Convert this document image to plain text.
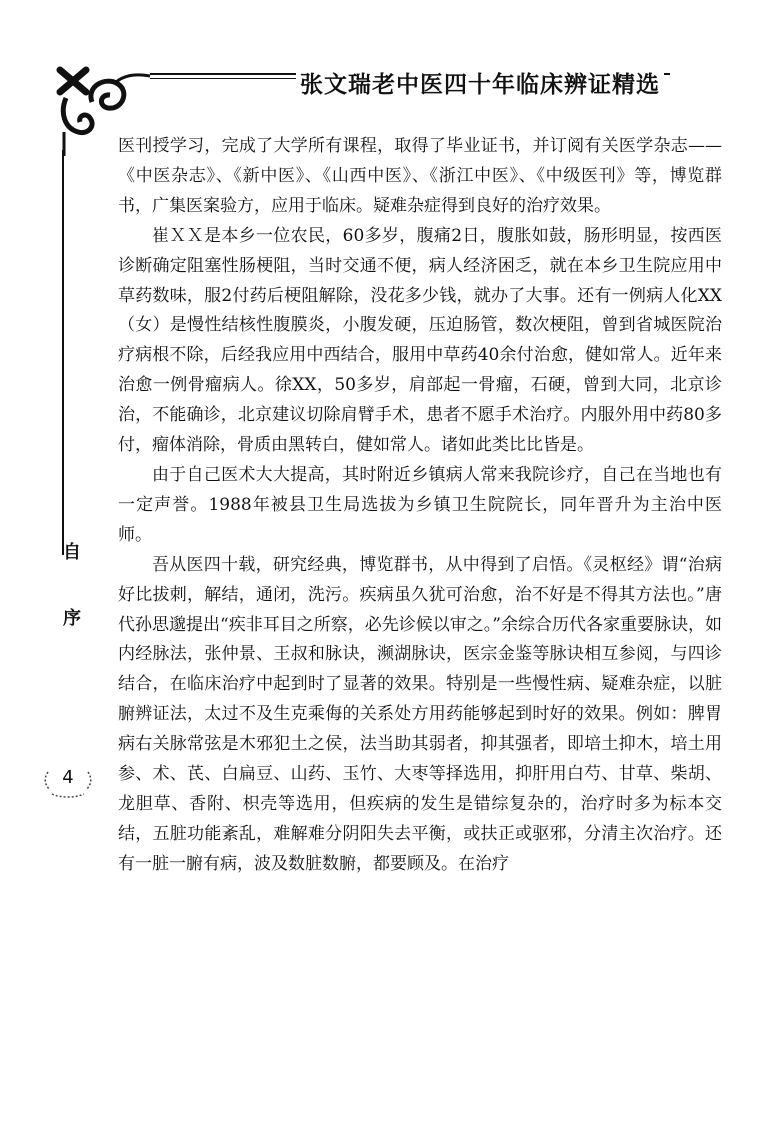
张文瑞老中医四十年临床辨证精选
自序
4

医刊授学习，完成了大学所有课程，取得了毕业证书，并订阅有关医学杂志——《中医杂志》、《新中医》、《山西中医》、《浙江中医》、《中级医刊》等，博览群书，广集医案验方，应用于临床。疑难杂症得到良好的治疗效果。

崔ＸＸ是本乡一位农民，60多岁，腹痛2日，腹胀如鼓，肠形明显，按西医诊断确定阻塞性肠梗阻，当时交通不便，病人经济困乏，就在本乡卫生院应用中草药数味，服2付药后梗阻解除，没花多少钱，就办了大事。还有一例病人化XX（女）是慢性结核性腹膜炎，小腹发硬，压迫肠管，数次梗阻，曾到省城医院治疗病根不除，后经我应用中西结合，服用中草药40余付治愈，健如常人。近年来治愈一例骨瘤病人。徐XX，50多岁，肩部起一骨瘤，石硬，曾到大同，北京诊治，不能确诊，北京建议切除肩臂手术，患者不愿手术治疗。内服外用中药80多付，瘤体消除，骨质由黑转白，健如常人。诸如此类比比皆是。

由于自己医术大大提高，其时附近乡镇病人常来我院诊疗，自己在当地也有一定声誉。1988年被县卫生局选拔为乡镇卫生院院长，同年晋升为主治中医师。

吾从医四十载，研究经典，博览群书，从中得到了启悟。《灵枢经》谓“治病好比拔刺，解结，通闭，洗污。疾病虽久犹可治愈，治不好是不得其方法也。”唐代孙思邈提出“疾非耳目之所察，必先诊候以审之。”余综合历代各家重要脉诀，如内经脉法，张仲景、王叔和脉诀，濒湖脉诀，医宗金鉴等脉诀相互参阅，与四诊结合，在临床治疗中起到时了显著的效果。特别是一些慢性病、疑难杂症，以脏腑辨证法，太过不及生克乘侮的关系处方用药能够起到时好的效果。例如：脾胃病右关脉常弦是木邪犯土之侯，法当助其弱者，抑其强者，即培土抑木，培土用参、术、芪、白扁豆、山药、玉竹、大枣等择选用，抑肝用白芍、甘草、柴胡、龙胆草、香附、枳壳等选用，但疾病的发生是错综复杂的，治疗时多为标本交结，五脏功能紊乱，难解难分阴阳失去平衡，或扶正或驱邪，分清主次治疗。还有一脏一腑有病，波及数脏数腑，都要顾及。在治疗
